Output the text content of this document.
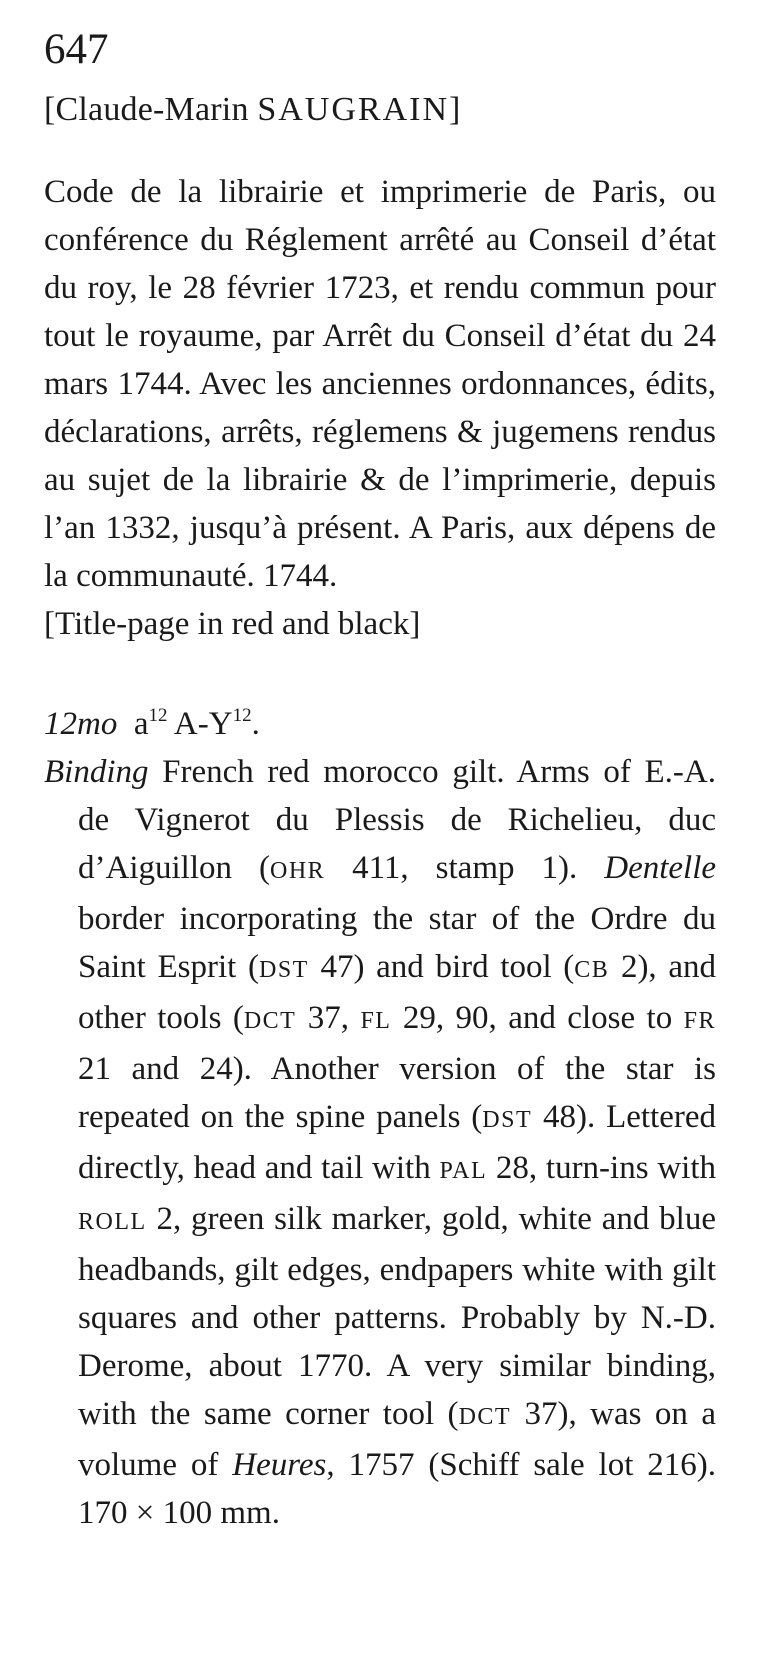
647

[Claude-Marin SAUGRAIN]

Code de la librairie et imprimerie de Paris, ou conférence du Réglement arrêté au Conseil d’état du roy, le 28 février 1723, et rendu commun pour tout le royaume, par Arrêt du Conseil d’état du 24 mars 1744. Avec les anciennes ordonnances, édits, déclarations, arrêts, réglemens & jugemens rendus au sujet de la librairie & de l’imprimerie, depuis l’an 1332, jusqu’à présent. A Paris, aux dépens de la communauté. 1744.
[Title-page in red and black]
12mo $a^{12}$ $A-Y^{12}$.
Binding French red morocco gilt. Arms of E.-A. de Vignerot du Plessis de Richelieu, duc d’Aiguillon (OHR 411, stamp 1). Dentelle border incorporating the star of the Ordre du Saint Esprit (DST 47) and bird tool (CB 2), and other tools (DCT 37, FL 29, 90, and close to FR 21 and 24). Another version of the star is repeated on the spine panels (DST 48). Lettered directly, head and tail with PAL 28, turn-ins with ROLL 2, green silk marker, gold, white and blue headbands, gilt edges, endpapers white with gilt squares and other patterns. Probably by N.-D. Derome, about 1770. A very similar binding, with the same corner tool (DCT 37), was on a volume of Heures, 1757 (Schiff sale lot 216). 170 × 100 mm.
